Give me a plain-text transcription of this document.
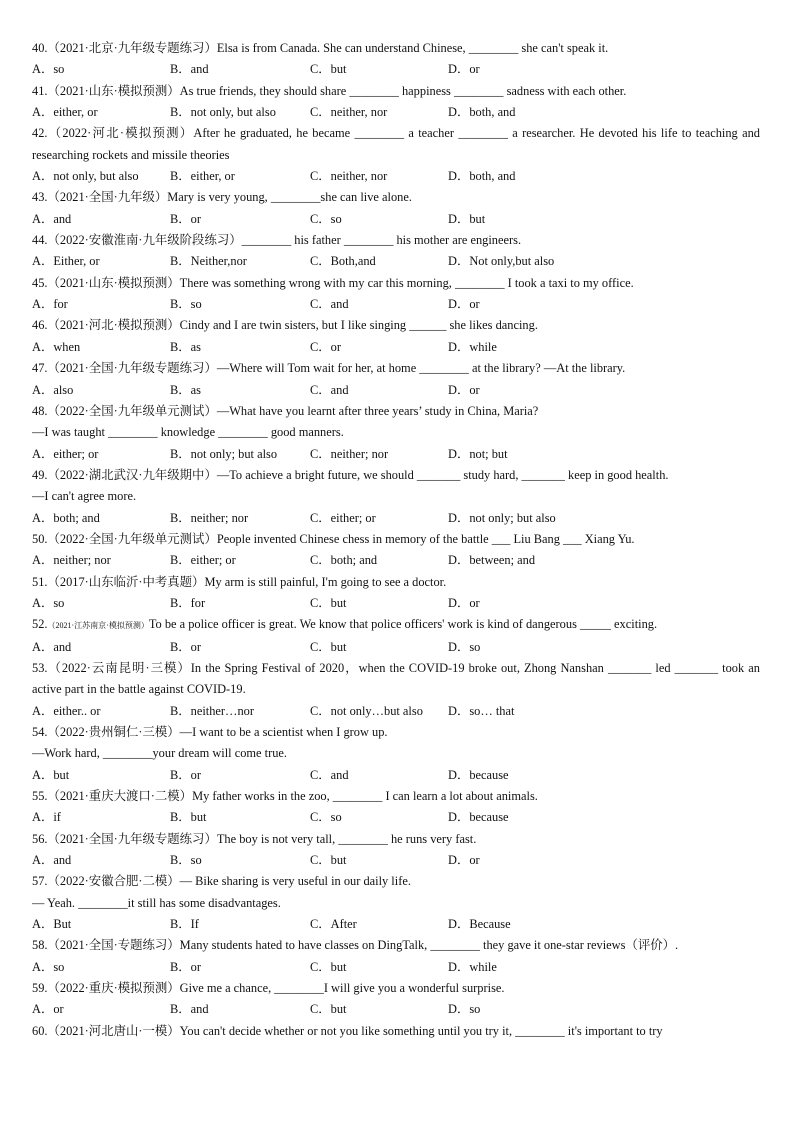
40.（2021·北京·九年级专题练习）Elsa is from Canada. She can understand Chinese, ________ she can't speak it.
A．so	B．and	C．but	D．or
41.（2021·山东·模拟预测）As true friends, they should share ________ happiness ________ sadness with each other.
A．either, or	B．not only, but also	C．neither, nor	D．both, and
42.（2022·河北·模拟预测）After he graduated, he became ________ a teacher ________ a researcher. He devoted his life to teaching and researching rockets and missile theories
A．not only, but also	B．either, or	C．neither, nor	D．both, and
43.（2021·全国·九年级）Mary is very young, ________she can live alone.
A．and	B．or	C．so	D．but
44.（2022·安徽淮南·九年级阶段练习）________ his father ________ his mother are engineers.
A．Either, or	B．Neither,nor	C．Both,and	D．Not only,but also
45.（2021·山东·模拟预测）There was something wrong with my car this morning, ________ I took a taxi to my office.
A．for	B．so	C．and	D．or
46.（2021·河北·模拟预测）Cindy and I are twin sisters, but I like singing ______ she likes dancing.
A．when	B．as	C．or	D．while
47.（2021·全国·九年级专题练习）—Where will Tom wait for her, at home ________ at the library? —At the library.
A．also	B．as	C．and	D．or
48.（2022·全国·九年级单元测试）—What have you learnt after three years’ study in China, Maria?
—I was taught ________ knowledge ________ good manners.
A．either; or	B．not only; but also	C．neither; nor	D．not; but
49.（2022·湖北武汉·九年级期中）—To achieve a bright future, we should _______ study hard, _______ keep in good health.
—I can't agree more.
A．both; and	B．neither; nor	C．either; or	D．not only; but also
50.（2022·全国·九年级单元测试）People invented Chinese chess in memory of the battle ___ Liu Bang ___ Xiang Yu.
A．neither; nor	B．either; or	C．both; and	D．between; and
51.（2017·山东临沂·中考真题）My arm is still painful, I'm going to see a doctor.
A．so	B．for	C．but	D．or
52.（2021·江苏南京·模拟预测）To be a police officer is great. We know that police officers' work is kind of dangerous _____ exciting.
A．and	B．or	C．but	D．so
53.（2022·云南昆明·三模）In the Spring Festival of 2020，when the COVID-19 broke out, Zhong Nanshan _______ led _______ took an active part in the battle against COVID-19.
A．either.. or	B．neither…nor	C．not only…but also	D．so… that
54.（2022·贵州铜仁·三模）—I want to be a scientist when I grow up.
—Work hard, ________your dream will come true.
A．but	B．or	C．and	D．because
55.（2021·重庆大渡口·二模）My father works in the zoo, ________ I can learn a lot about animals.
A．if	B．but	C．so	D．because
56.（2021·全国·九年级专题练习）The boy is not very tall, ________ he runs very fast.
A．and	B．so	C．but	D．or
57.（2022·安徽合肥·二模）— Bike sharing is very useful in our daily life.
— Yeah. ________it still has some disadvantages.
A．But	B．If	C．After	D．Because
58.（2021·全国·专题练习）Many students hated to have classes on DingTalk, ________ they gave it one-star reviews（评价）.
A．so	B．or	C．but	D．while
59.（2022·重庆·模拟预测）Give me a chance, ________I will give you a wonderful surprise.
A．or	B．and	C．but	D．so
60.（2021·河北唐山·一模）You can't decide whether or not you like something until you try it, ________ it's important to try
